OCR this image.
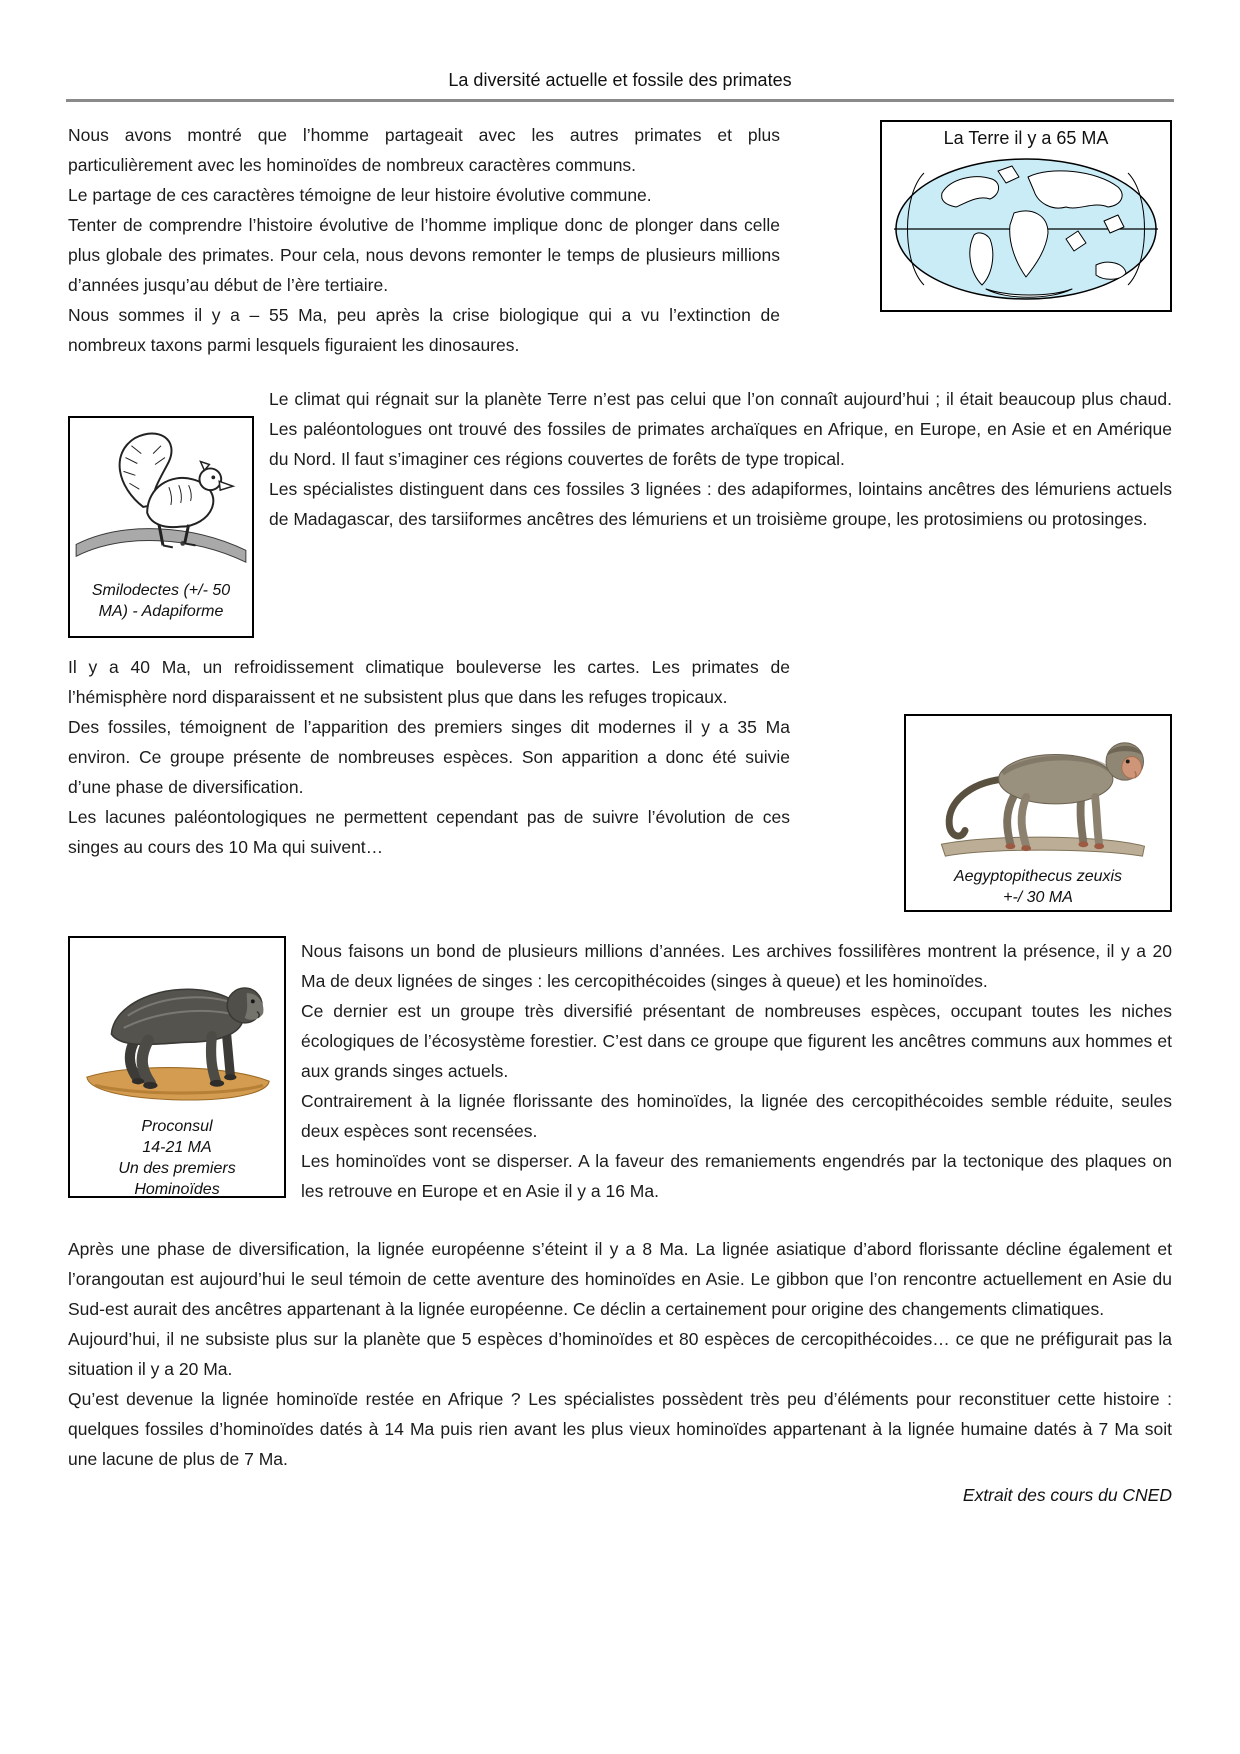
La diversité actuelle et fossile des primates

Nous avons montré que l’homme partageait avec les autres primates et plus particulièrement avec les hominoïdes de nombreux caractères communs.

Le partage de ces caractères témoigne de leur histoire évolutive commune.

Tenter de comprendre l’histoire évolutive de l’homme implique donc de plonger dans celle plus globale des primates. Pour cela, nous devons remonter le temps de plusieurs millions d’années jusqu’au début de l’ère tertiaire.

Nous sommes il y a – 55 Ma, peu après la crise biologique qui a vu l’extinction de nombreux taxons parmi lesquels figuraient les dinosaures.

La Terre il y a 65 MA
Smilodectes (+/- 50
MA) - Adapiforme

Le climat qui régnait sur la planète Terre n’est pas celui que l’on connaît aujourd’hui ; il était beaucoup plus chaud. Les paléontologues ont trouvé des fossiles de primates archaïques en Afrique, en Europe, en Asie et en Amérique du Nord. Il faut s’imaginer ces régions couvertes de forêts de type tropical.

Les spécialistes distinguent dans ces fossiles 3 lignées : des adapiformes, lointains ancêtres des lémuriens actuels de Madagascar, des tarsiiformes ancêtres des lémuriens et un troisième groupe, les protosimiens ou protosinges.

Il y a 40 Ma, un refroidissement climatique bouleverse les cartes. Les primates de l’hémisphère nord disparaissent et ne subsistent plus que dans les refuges tropicaux.

Des fossiles, témoignent de l’apparition des premiers singes dit modernes il y a 35 Ma environ. Ce groupe présente de nombreuses espèces. Son apparition a donc été suivie d’une phase de diversification.

Les lacunes paléontologiques ne permettent cependant pas de suivre l’évolution de ces singes au cours des 10 Ma qui suivent…

Aegyptopithecus zeuxis
+-/ 30 MA
Proconsul
14-21 MA
Un des premiers Hominoïdes

Nous faisons un bond de plusieurs millions d’années. Les archives fossilifères montrent la présence, il y a 20 Ma de deux lignées de singes : les cercopithécoides (singes à queue) et les hominoïdes.

Ce dernier est un groupe très diversifié présentant de nombreuses espèces, occupant toutes les niches écologiques de l’écosystème forestier. C’est dans ce groupe que figurent les ancêtres communs aux hommes et aux grands singes actuels.

Contrairement à la lignée florissante des hominoïdes, la lignée des cercopithécoides semble réduite, seules deux espèces sont recensées.

Les hominoïdes vont se disperser. A la faveur des remaniements engendrés par la tectonique des plaques on les retrouve en Europe et en Asie il y a 16 Ma.

Après une phase de diversification, la lignée européenne s’éteint il y a 8 Ma. La lignée asiatique d’abord florissante décline également et l’orangoutan est aujourd’hui le seul témoin de cette aventure des hominoïdes en Asie. Le gibbon que l’on rencontre actuellement en Asie du Sud-est aurait des ancêtres appartenant à la lignée européenne. Ce déclin a certainement pour origine des changements climatiques.

Aujourd’hui, il ne subsiste plus sur la planète que 5 espèces d’hominoïdes et 80 espèces de cercopithécoides… ce que ne préfigurait pas la situation il y a 20 Ma.

Qu’est devenue la lignée hominoïde restée en Afrique ? Les spécialistes possèdent très peu d’éléments pour reconstituer cette histoire : quelques fossiles d’hominoïdes datés à 14 Ma puis rien avant les plus vieux hominoïdes appartenant à la lignée humaine datés à 7 Ma soit une lacune de plus de 7 Ma.

Extrait des cours du CNED
